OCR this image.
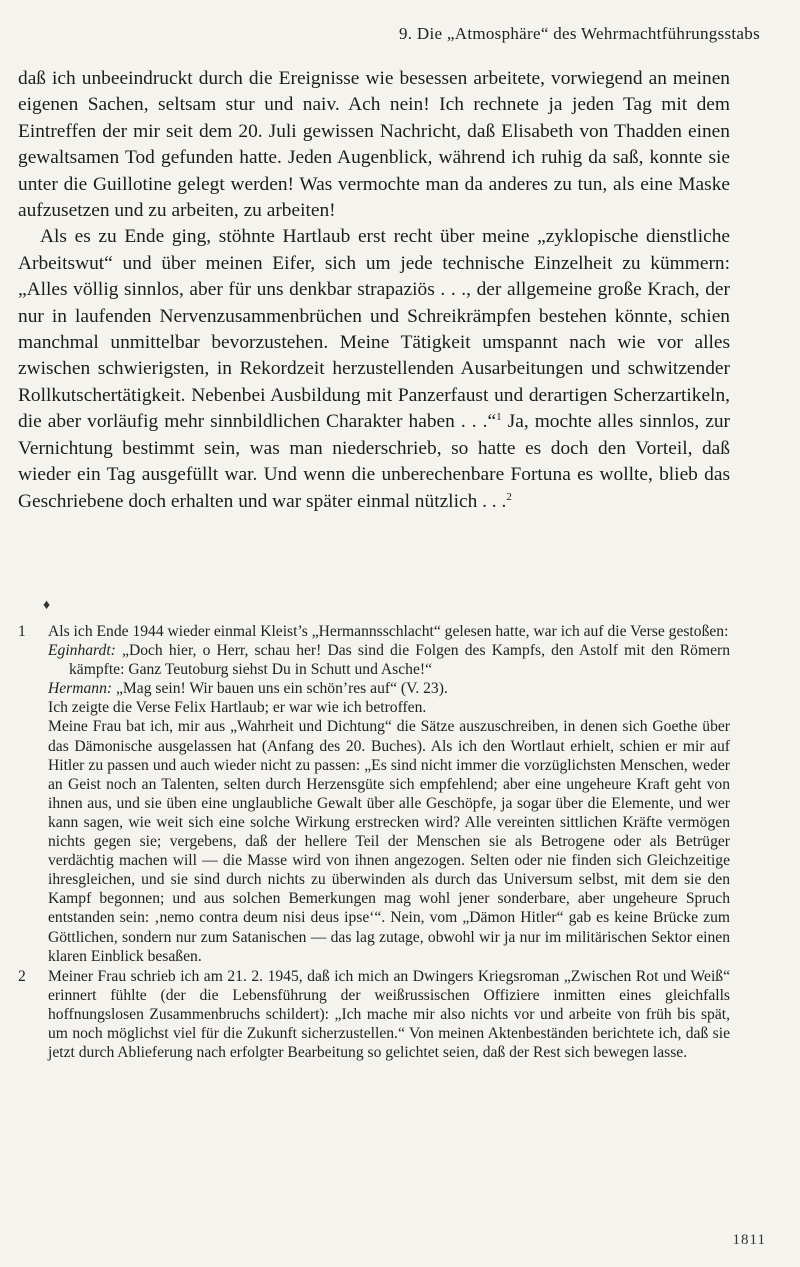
9. Die „Atmosphäre“ des Wehrmachtführungsstabs

daß ich unbeeindruckt durch die Ereignisse wie besessen arbeitete, vorwiegend an meinen eigenen Sachen, seltsam stur und naiv. Ach nein! Ich rechnete ja jeden Tag mit dem Eintreffen der mir seit dem 20. Juli gewissen Nachricht, daß Elisabeth von Thadden einen gewaltsamen Tod gefunden hatte. Jeden Augenblick, während ich ruhig da saß, konnte sie unter die Guillotine gelegt werden! Was vermochte man da anderes zu tun, als eine Maske aufzusetzen und zu arbeiten, zu arbeiten!

Als es zu Ende ging, stöhnte Hartlaub erst recht über meine „zyklopische dienstliche Arbeitswut“ und über meinen Eifer, sich um jede technische Einzelheit zu kümmern: „Alles völlig sinnlos, aber für uns denkbar strapaziös . . ., der allgemeine große Krach, der nur in laufenden Nervenzusammenbrüchen und Schreikrämpfen bestehen könnte, schien manchmal unmittelbar bevorzustehen. Meine Tätigkeit umspannt nach wie vor alles zwischen schwierigsten, in Rekordzeit herzustellenden Ausarbeitungen und schwitzender Rollkutschertätigkeit. Nebenbei Ausbildung mit Panzerfaust und derartigen Scherzartikeln, die aber vorläufig mehr sinnbildlichen Charakter haben . . .“$^1$ Ja, mochte alles sinnlos, zur Vernichtung bestimmt sein, was man niederschrieb, so hatte es doch den Vorteil, daß wieder ein Tag ausgefüllt war. Und wenn die unberechenbare Fortuna es wollte, blieb das Geschriebene doch erhalten und war später einmal nützlich . . .$^2$

♦
1 Als ich Ende 1944 wieder einmal Kleist’s „Hermannsschlacht“ gelesen hatte, war ich auf die Verse gestoßen:

Eginhardt: „Doch hier, o Herr, schau her! Das sind die Folgen des Kampfs, den Astolf mit den Römern kämpfte: Ganz Teutoburg siehst Du in Schutt und Asche!“

Hermann: „Mag sein! Wir bauen uns ein schön’res auf“ (V. 23).

Ich zeigte die Verse Felix Hartlaub; er war wie ich betroffen.

Meine Frau bat ich, mir aus „Wahrheit und Dichtung“ die Sätze auszuschreiben, in denen sich Goethe über das Dämonische ausgelassen hat (Anfang des 20. Buches). Als ich den Wortlaut erhielt, schien er mir auf Hitler zu passen und auch wieder nicht zu passen: „Es sind nicht immer die vorzüglichsten Menschen, weder an Geist noch an Talenten, selten durch Herzensgüte sich empfehlend; aber eine ungeheure Kraft geht von ihnen aus, und sie üben eine unglaubliche Gewalt über alle Geschöpfe, ja sogar über die Elemente, und wer kann sagen, wie weit sich eine solche Wirkung erstrecken wird? Alle vereinten sittlichen Kräfte vermögen nichts gegen sie; vergebens, daß der hellere Teil der Menschen sie als Betrogene oder als Betrüger verdächtig machen will — die Masse wird von ihnen angezogen. Selten oder nie finden sich Gleichzeitige ihresgleichen, und sie sind durch nichts zu überwinden als durch das Universum selbst, mit dem sie den Kampf begonnen; und aus solchen Bemerkungen mag wohl jener sonderbare, aber ungeheure Spruch entstanden sein: ‚nemo contra deum nisi deus ipse‘“. Nein, vom „Dämon Hitler“ gab es keine Brücke zum Göttlichen, sondern nur zum Satanischen — das lag zutage, obwohl wir ja nur im militärischen Sektor einen klaren Einblick besaßen.

2 Meiner Frau schrieb ich am 21. 2. 1945, daß ich mich an Dwingers Kriegsroman „Zwischen Rot und Weiß“ erinnert fühlte (der die Lebensführung der weißrussischen Offiziere inmitten eines gleichfalls hoffnungslosen Zusammenbruchs schildert): „Ich mache mir also nichts vor und arbeite von früh bis spät, um noch möglichst viel für die Zukunft sicherzustellen.“ Von meinen Aktenbeständen berichtete ich, daß sie jetzt durch Ablieferung nach erfolgter Bearbeitung so gelichtet seien, daß der Rest sich bewegen lasse.

1811
